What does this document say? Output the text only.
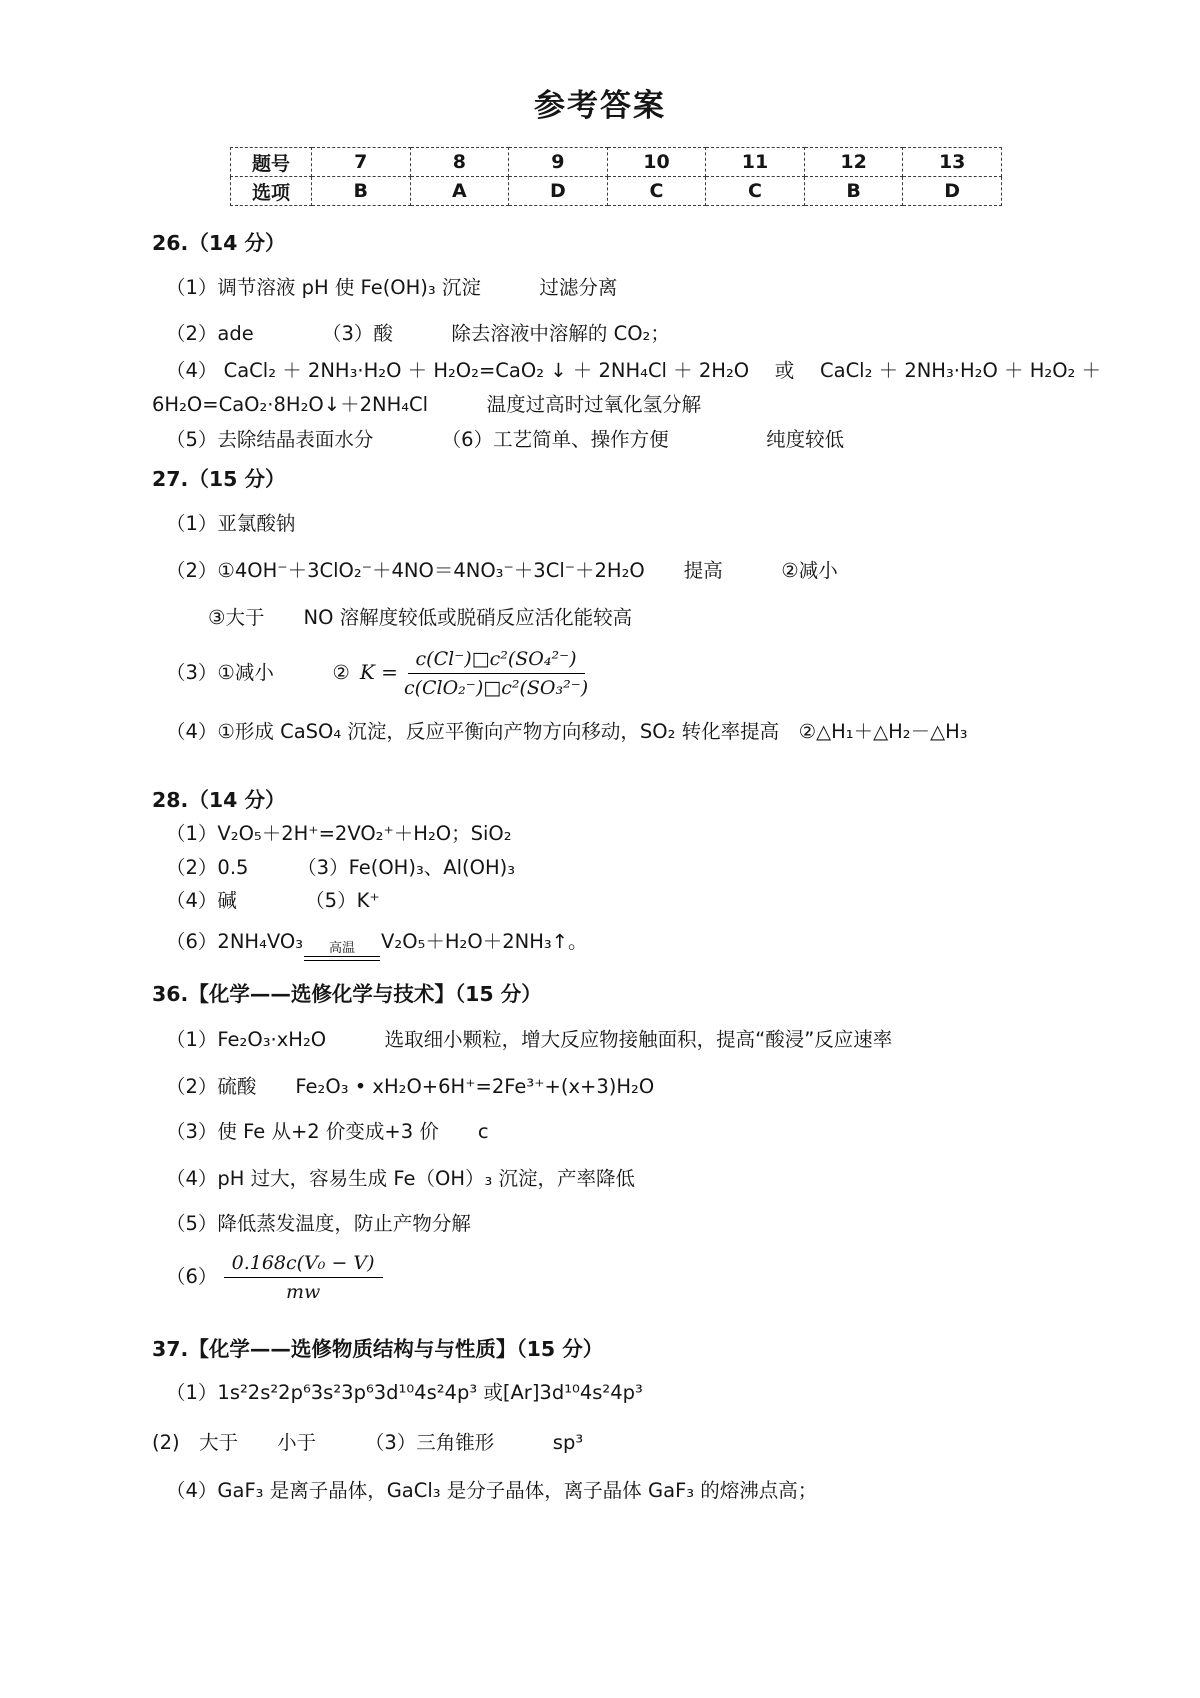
参考答案
题号	7	8	9	10	11	12	13
选项	B	A	D	C	C	B	D
26.（14 分）

（1）调节溶液 pH 使 Fe(OH)₃ 沉淀　　　过滤分离

（2）ade　　　　（3）酸　　　除去溶液中溶解的 CO₂；

（4） CaCl₂ ＋ 2NH₃·H₂O ＋ H₂O₂=CaO₂ ↓ ＋ 2NH₄Cl ＋ 2H₂O　 或 　CaCl₂ ＋ 2NH₃·H₂O ＋ H₂O₂ ＋

6H₂O=CaO₂·8H₂O↓＋2NH₄Cl　　　温度过高时过氧化氢分解

（5）去除结晶表面水分　　　　（6）工艺简单、操作方便　　　　　纯度较低

27.（15 分）

（1）亚氯酸钠

（2）①4OH⁻＋3ClO₂⁻＋4NO＝4NO₃⁻＋3Cl⁻＋2H₂O　　提高　　　②减小

③大于　　NO 溶解度较低或脱硝反应活化能较高

（3）①减小　　　② $K = \frac{\text{c(Cl⁻)□c²(SO₄²⁻)}}{\text{c(ClO₂⁻)□c²(SO₃²⁻)}}$

（4）①形成 CaSO₄ 沉淀，反应平衡向产物方向移动，SO₂ 转化率提高　②△H₁＋△H₂－△H₃

28.（14 分）

（1）V₂O₅＋2H⁺=2VO₂⁺＋H₂O；SiO₂

（2）0.5　　　（3）Fe(OH)₃、Al(OH)₃

（4）碱　　　　（5）K⁺

（6）2NH₄VO₃ 高温 V₂O₅＋H₂O＋2NH₃↑。

36.【化学——选修化学与技术】（15 分）

（1）Fe₂O₃·xH₂O　　　选取细小颗粒，增大反应物接触面积，提高“酸浸”反应速率

（2）硫酸　　Fe₂O₃ • xH₂O+6H⁺=2Fe³⁺+(x+3)H₂O

（3）使 Fe 从+2 价变成+3 价　　c

（4）pH 过大，容易生成 Fe（OH）₃ 沉淀，产率降低

（5）降低蒸发温度，防止产物分解

$(6) \frac{\text{0.168c(V₀ − V)}}{mw}$

37.【化学——选修物质结构与与性质】（15 分）

（1）1s²2s²2p⁶3s²3p⁶3d¹⁰4s²4p³ 或[Ar]3d¹⁰4s²4p³

(2)　大于　　小于　　　（3）三角锥形　　　sp³

（4）GaF₃ 是离子晶体，GaCl₃ 是分子晶体，离子晶体 GaF₃ 的熔沸点高；
